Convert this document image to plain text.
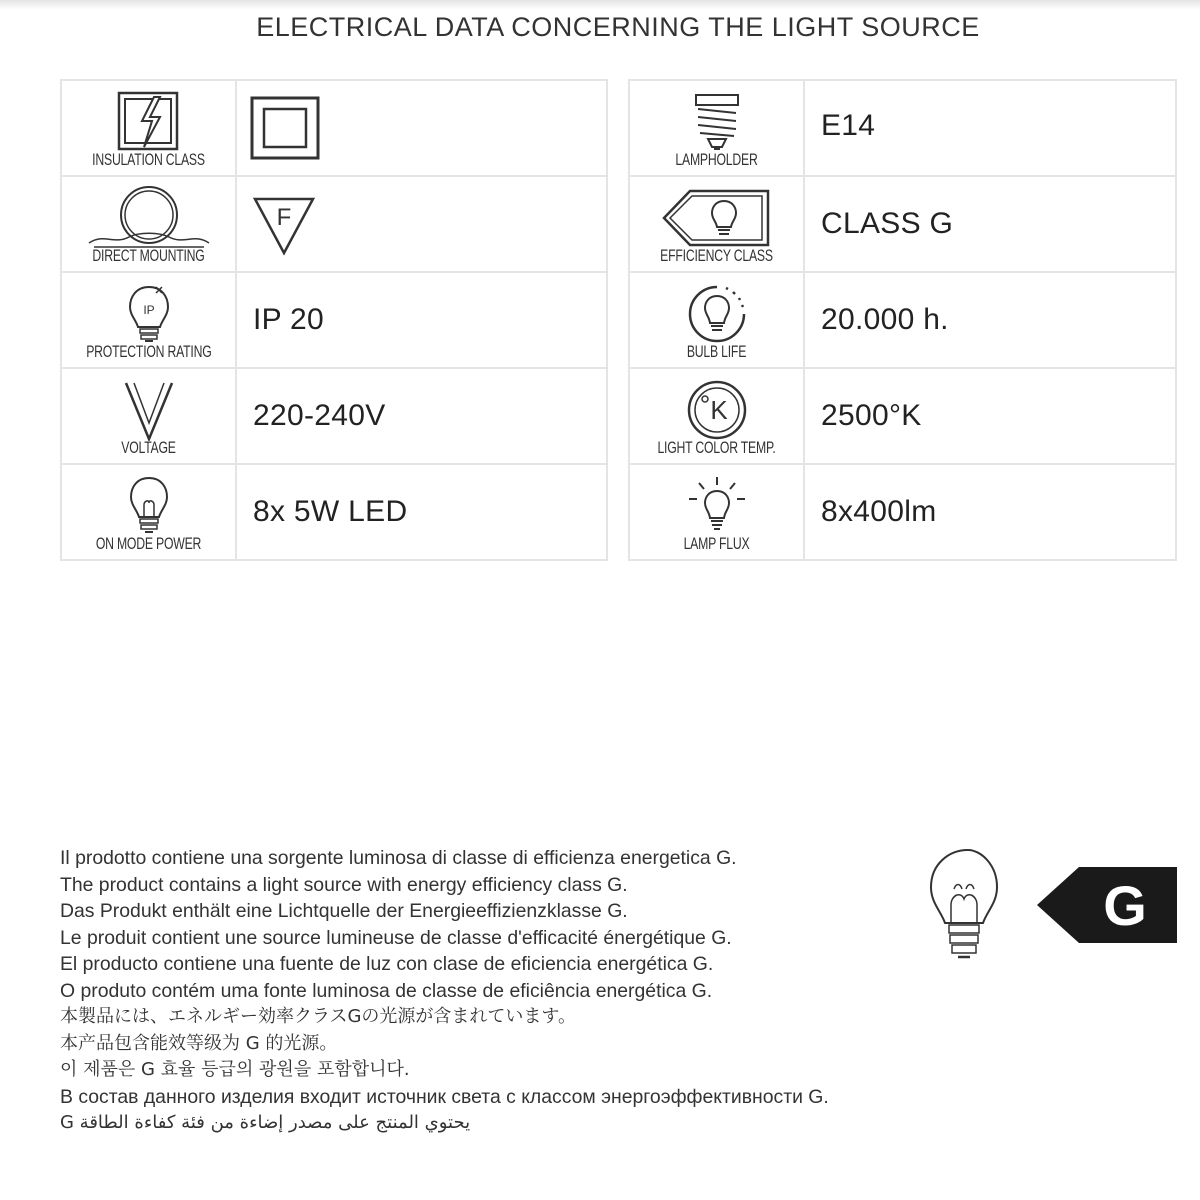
ELECTRICAL DATA CONCERNING THE LIGHT SOURCE
INSULATION CLASS

DIRECT MOUNTING	F

IP
PROTECTION RATING	IP 20

VOLTAGE	220-240V

ON MODE POWER	8x 5W LED
LAMPHOLDER	E14

EFFICIENCY CLASS	CLASS G

BULB LIFE	20.000 h.

K
LIGHT COLOR TEMP.	2500°K

LAMP FLUX	8x400lm
Il prodotto contiene una sorgente luminosa di classe di efficienza energetica G.
The product contains a light source with energy efficiency class G.
Das Produkt enthält eine Lichtquelle der Energieeffizienzklasse G.
Le produit contient une source lumineuse de classe d'efficacité énergétique G.
El producto contiene una fuente de luz con clase de eficiencia energética G.
O produto contém uma fonte luminosa de classe de eficiência energética G.
本製品には、エネルギー効率クラスGの光源が含まれています。
本产品包含能效等级为 G 的光源。
이 제품은 G 효율 등급의 광원을 포함합니다.
В состав данного изделия входит источник света с классом энергоэффективности G.
يحتوي المنتج على مصدر إضاءة من فئة كفاءة الطاقة G
G
